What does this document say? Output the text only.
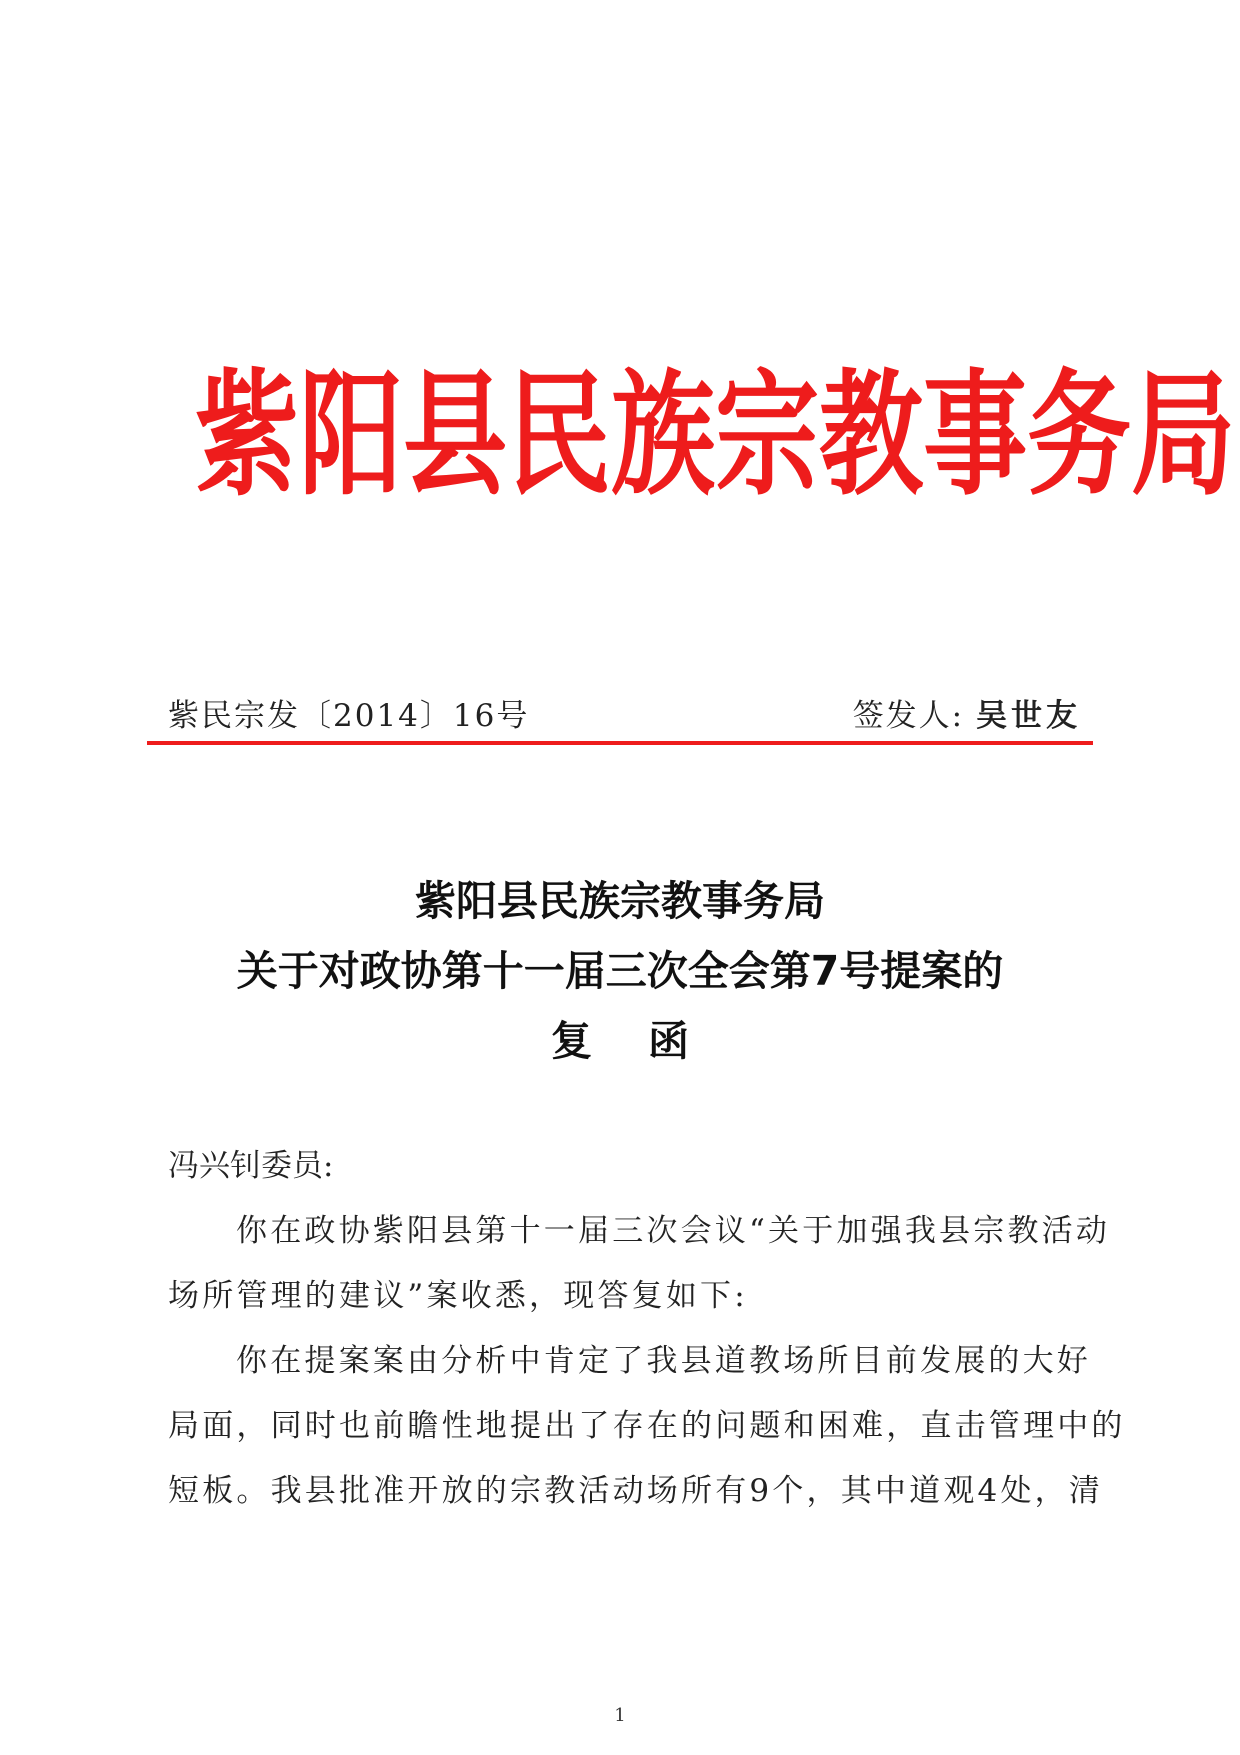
紫 阳 县 民 族 宗 教 事 务 局
紫民宗发〔2014〕16号	签发人: 吴世友
紫阳县民族宗教事务局
关于对政协第十一届三次全会第7号提案的
复函
冯兴钊委员:
你在政协紫阳县第十一届三次会议“关于加强我县宗教活动
场所管理的建议”案收悉，现答复如下:
你在提案案由分析中肯定了我县道教场所目前发展的大好
局面，同时也前瞻性地提出了存在的问题和困难，直击管理中的
短板。我县批准开放的宗教活动场所有9个，其中道观4处，清
1
